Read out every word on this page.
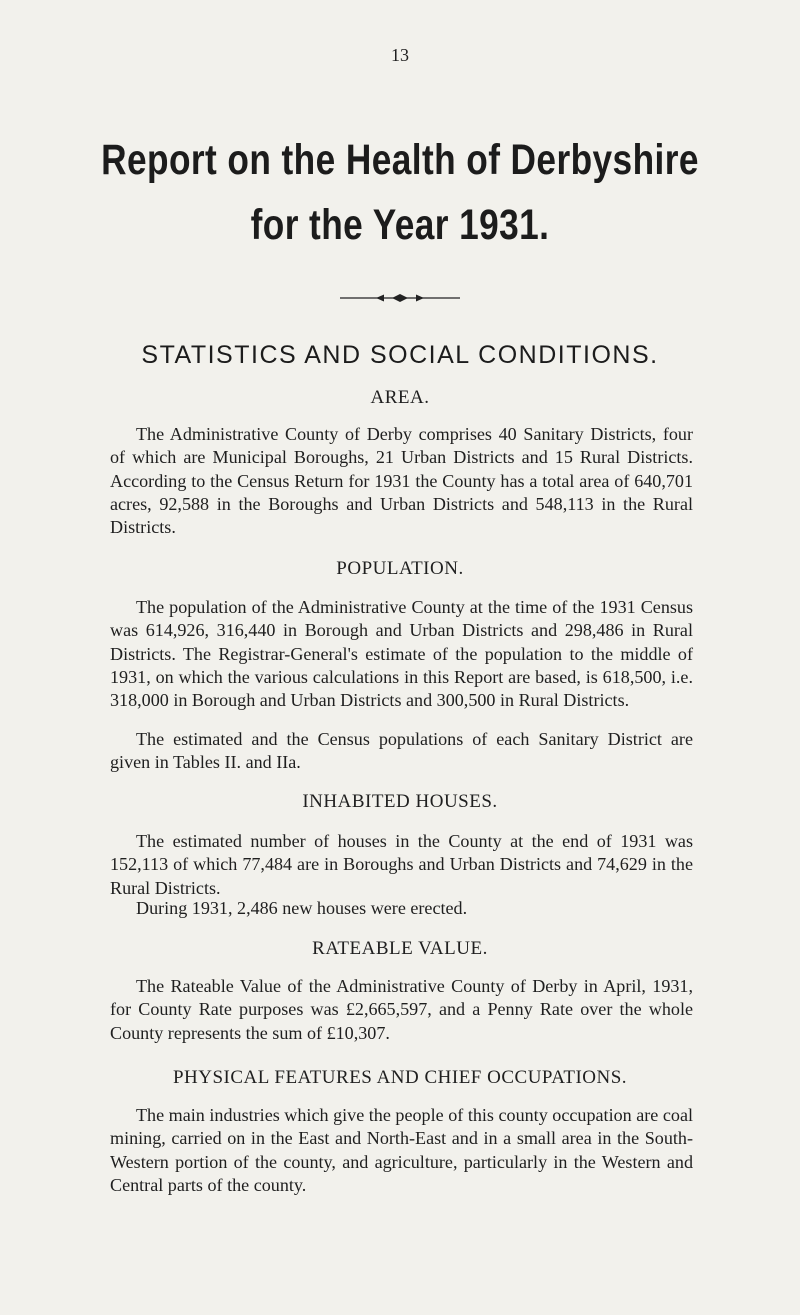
13
Report on the Health of Derbyshire
for the Year 1931.
STATISTICS AND SOCIAL CONDITIONS.
AREA.

The Administrative County of Derby comprises 40 Sanitary Districts, four of which are Municipal Boroughs, 21 Urban Districts and 15 Rural Districts. According to the Census Return for 1931 the County has a total area of 640,701 acres, 92,588 in the Boroughs and Urban Districts and 548,113 in the Rural Districts.

POPULATION.

The population of the Administrative County at the time of the 1931 Census was 614,926, 316,440 in Borough and Urban Districts and 298,486 in Rural Districts. The Registrar-General's estimate of the population to the middle of 1931, on which the various calculations in this Report are based, is 618,500, i.e. 318,000 in Borough and Urban Districts and 300,500 in Rural Districts.

The estimated and the Census populations of each Sanitary District are given in Tables II. and IIa.

INHABITED HOUSES.

The estimated number of houses in the County at the end of 1931 was 152,113 of which 77,484 are in Boroughs and Urban Districts and 74,629 in the Rural Districts.

During 1931, 2,486 new houses were erected.

RATEABLE VALUE.

The Rateable Value of the Administrative County of Derby in April, 1931, for County Rate purposes was £2,665,597, and a Penny Rate over the whole County represents the sum of £10,307.

PHYSICAL FEATURES AND CHIEF OCCUPATIONS.

The main industries which give the people of this county occupation are coal mining, carried on in the East and North-East and in a small area in the South-Western portion of the county, and agriculture, particularly in the Western and Central parts of the county.
